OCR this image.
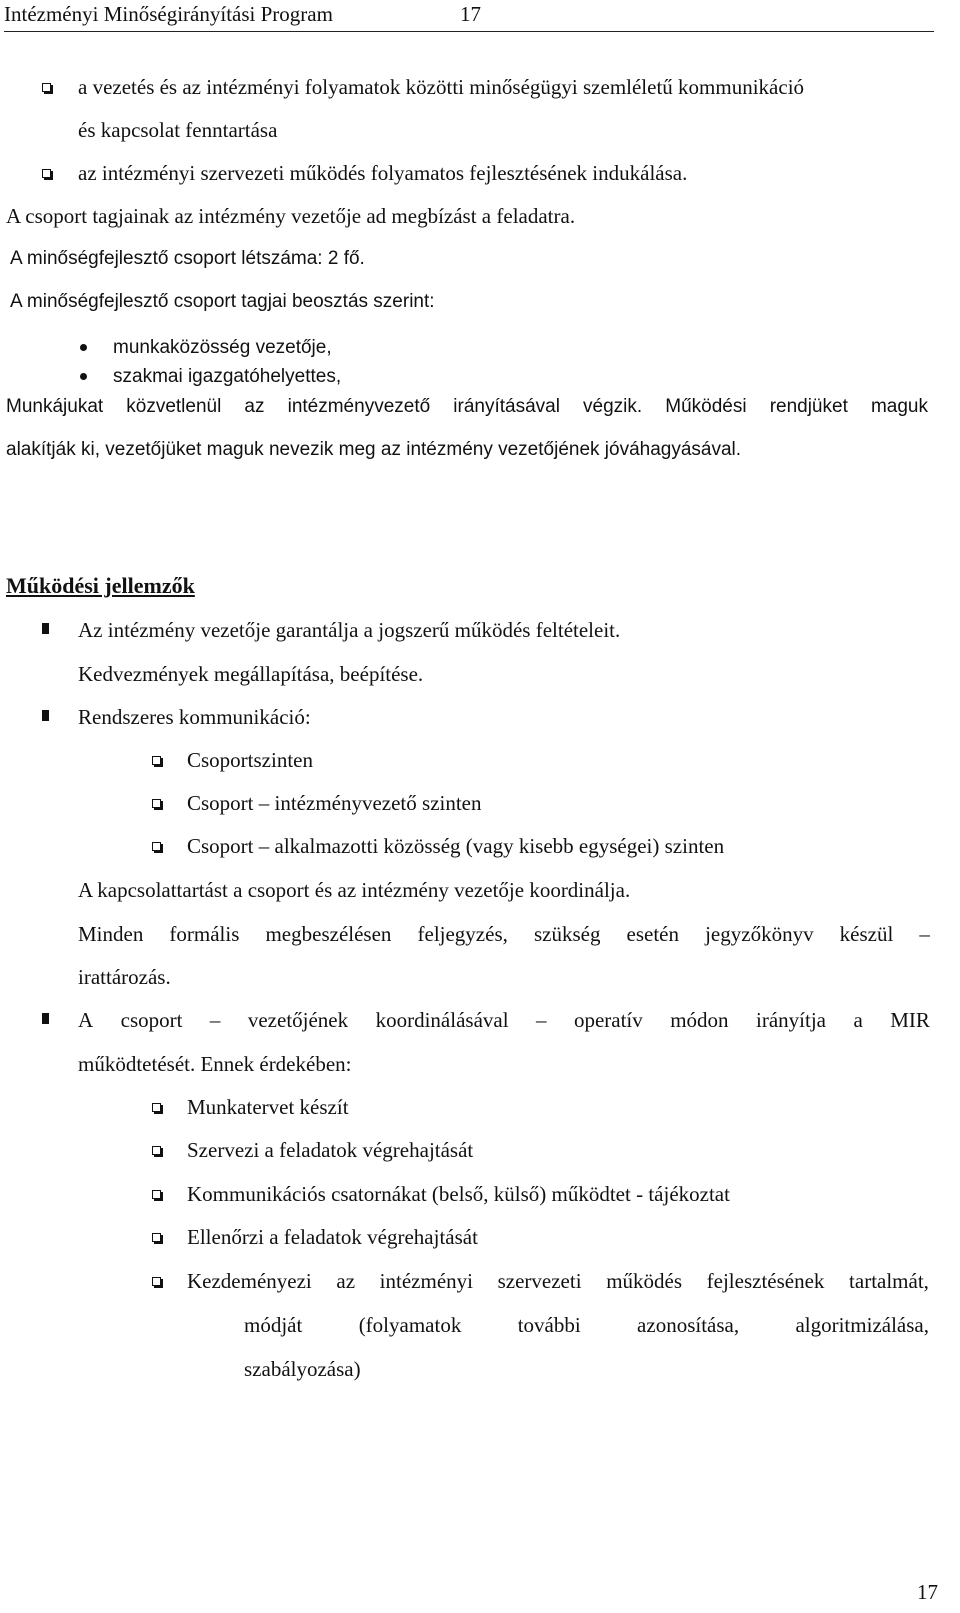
Intézményi Minőségirányítási Program	17
a vezetés és az intézményi folyamatok közötti minőségügyi szemléletű kommunikáció
és kapcsolat fenntartása
az intézményi szervezeti működés folyamatos fejlesztésének indukálása.
A csoport tagjainak az intézmény vezetője ad megbízást a feladatra.
A minőségfejlesztő csoport létszáma: 2 fő.
A minőségfejlesztő csoport tagjai beosztás szerint:
munkaközösség vezetője,
szakmai igazgatóhelyettes,
Munkájukat közvetlenül az intézményvezető irányításával végzik. Működési rendjüket maguk
alakítják ki, vezetőjüket maguk nevezik meg az intézmény vezetőjének jóváhagyásával.
Működési jellemzők
Az intézmény vezetője garantálja a jogszerű működés feltételeit.
Kedvezmények megállapítása, beépítése.
Rendszeres kommunikáció:
Csoportszinten
Csoport – intézményvezető szinten
Csoport – alkalmazotti közösség (vagy kisebb egységei) szinten
A kapcsolattartást a csoport és az intézmény vezetője koordinálja.
Minden formális megbeszélésen feljegyzés, szükség esetén jegyzőkönyv készül –
irattározás.
A csoport – vezetőjének koordinálásával – operatív módon irányítja a MIR
működtetését. Ennek érdekében:
Munkatervet készít
Szervezi a feladatok végrehajtását
Kommunikációs csatornákat (belső, külső) működtet - tájékoztat
Ellenőrzi a feladatok végrehajtását
Kezdeményezi az intézményi szervezeti működés fejlesztésének tartalmát,
módját	(folyamatok	további	azonosítása,	algoritmizálása,
szabályozása)
17
